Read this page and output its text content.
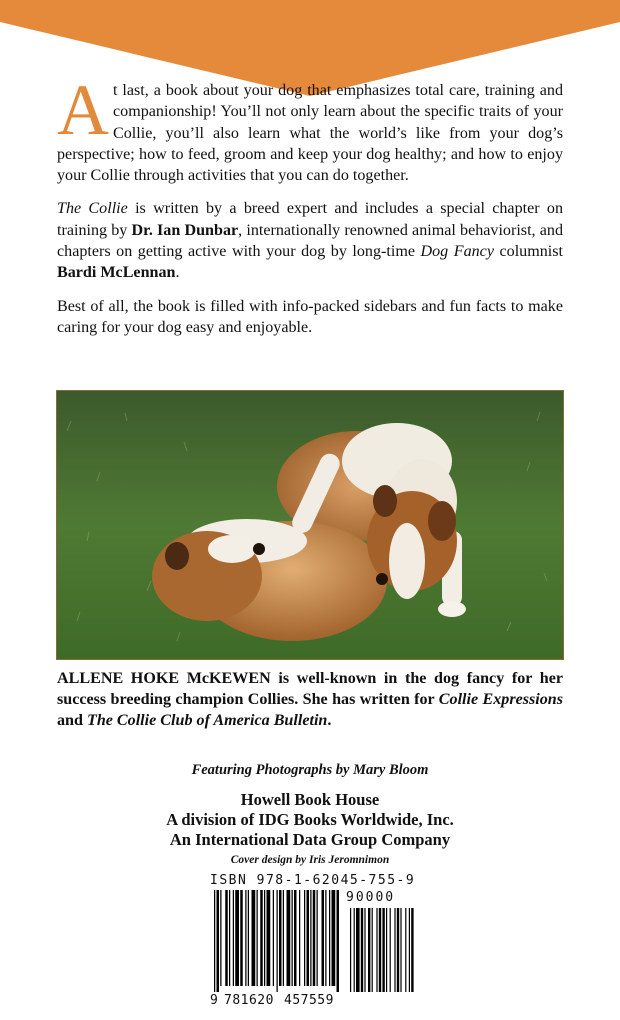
At last, a book about your dog that emphasizes total care, training and companionship! You’ll not only learn about the specific traits of your Collie, you’ll also learn what the world’s like from your dog’s perspective; how to feed, groom and keep your dog healthy; and how to enjoy your Collie through activities that you can do together.

The Collie is written by a breed expert and includes a special chapter on training by Dr. Ian Dunbar, internationally renowned animal behaviorist, and chapters on getting active with your dog by long-time Dog Fancy columnist Bardi McLennan.

Best of all, the book is filled with info-packed sidebars and fun facts to make caring for your dog easy and enjoyable.

ALLENE HOKE McKEWEN is well-known in the dog fancy for her success breeding champion Collies. She has written for Collie Expressions and The Collie Club of America Bulletin.

Featuring Photographs by Mary Bloom
Howell Book House
A division of IDG Books Worldwide, Inc.
An International Data Group Company
Cover design by Iris Jeromnimon
ISBN 978-1-62045-755-9
90000
9 781620 457559
